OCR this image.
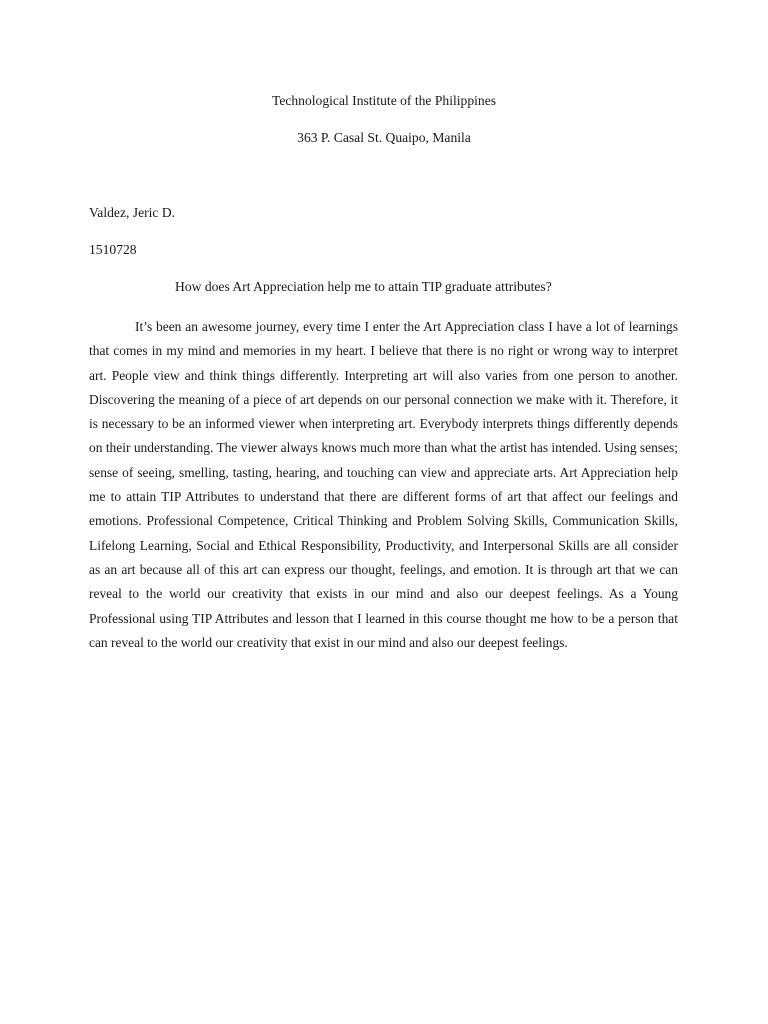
Technological Institute of the Philippines
363 P. Casal St. Quaipo, Manila
Valdez, Jeric D.
1510728
How does Art Appreciation help me to attain TIP graduate attributes?

It’s been an awesome journey, every time I enter the Art Appreciation class I have a lot of learnings that comes in my mind and memories in my heart. I believe that there is no right or wrong way to interpret art. People view and think things differently. Interpreting art will also varies from one person to another. Discovering the meaning of a piece of art depends on our personal connection we make with it. Therefore, it is necessary to be an informed viewer when interpreting art. Everybody interprets things differently depends on their understanding. The viewer always knows much more than what the artist has intended. Using senses; sense of seeing, smelling, tasting, hearing, and touching can view and appreciate arts. Art Appreciation help me to attain TIP Attributes to understand that there are different forms of art that affect our feelings and emotions. Professional Competence, Critical Thinking and Problem Solving Skills, Communication Skills, Lifelong Learning, Social and Ethical Responsibility, Productivity, and Interpersonal Skills are all consider as an art because all of this art can express our thought, feelings, and emotion. It is through art that we can reveal to the world our creativity that exists in our mind and also our deepest feelings. As a Young Professional using TIP Attributes and lesson that I learned in this course thought me how to be a person that can reveal to the world our creativity that exist in our mind and also our deepest feelings.
